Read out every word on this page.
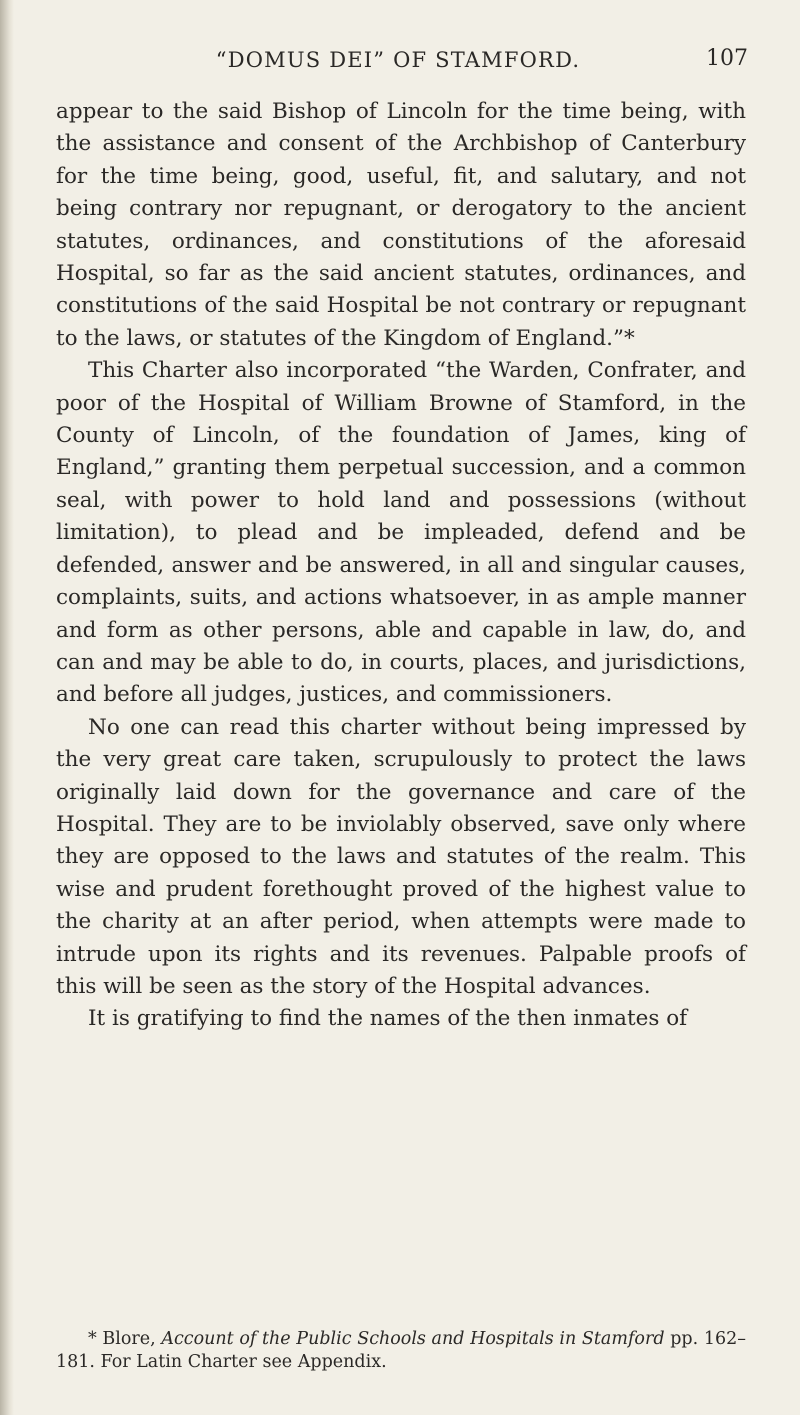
“DOMUS DEI” OF STAMFORD.	107

appear to the said Bishop of Lincoln for the time being, with the assistance and consent of the Archbishop of Canterbury for the time being, good, useful, fit, and salutary, and not being contrary nor repugnant, or derogatory to the ancient statutes, ordinances, and constitutions of the aforesaid Hospital, so far as the said ancient statutes, ordinances, and constitutions of the said Hospital be not contrary or repugnant to the laws, or statutes of the Kingdom of England.”*

This Charter also incorporated “the Warden, Confrater, and poor of the Hospital of William Browne of Stamford, in the County of Lincoln, of the foundation of James, king of England,” granting them perpetual succession, and a common seal, with power to hold land and possessions (without limitation), to plead and be impleaded, defend and be defended, answer and be answered, in all and singular causes, complaints, suits, and actions whatsoever, in as ample manner and form as other persons, able and capable in law, do, and can and may be able to do, in courts, places, and jurisdictions, and before all judges, justices, and commissioners.

No one can read this charter without being impressed by the very great care taken, scrupulously to protect the laws originally laid down for the governance and care of the Hospital. They are to be inviolably observed, save only where they are opposed to the laws and statutes of the realm. This wise and prudent forethought proved of the highest value to the charity at an after period, when attempts were made to intrude upon its rights and its revenues. Palpable proofs of this will be seen as the story of the Hospital advances.

It is gratifying to find the names of the then inmates of

* Blore, Account of the Public Schools and Hospitals in Stamford pp. 162–181. For Latin Charter see Appendix.
